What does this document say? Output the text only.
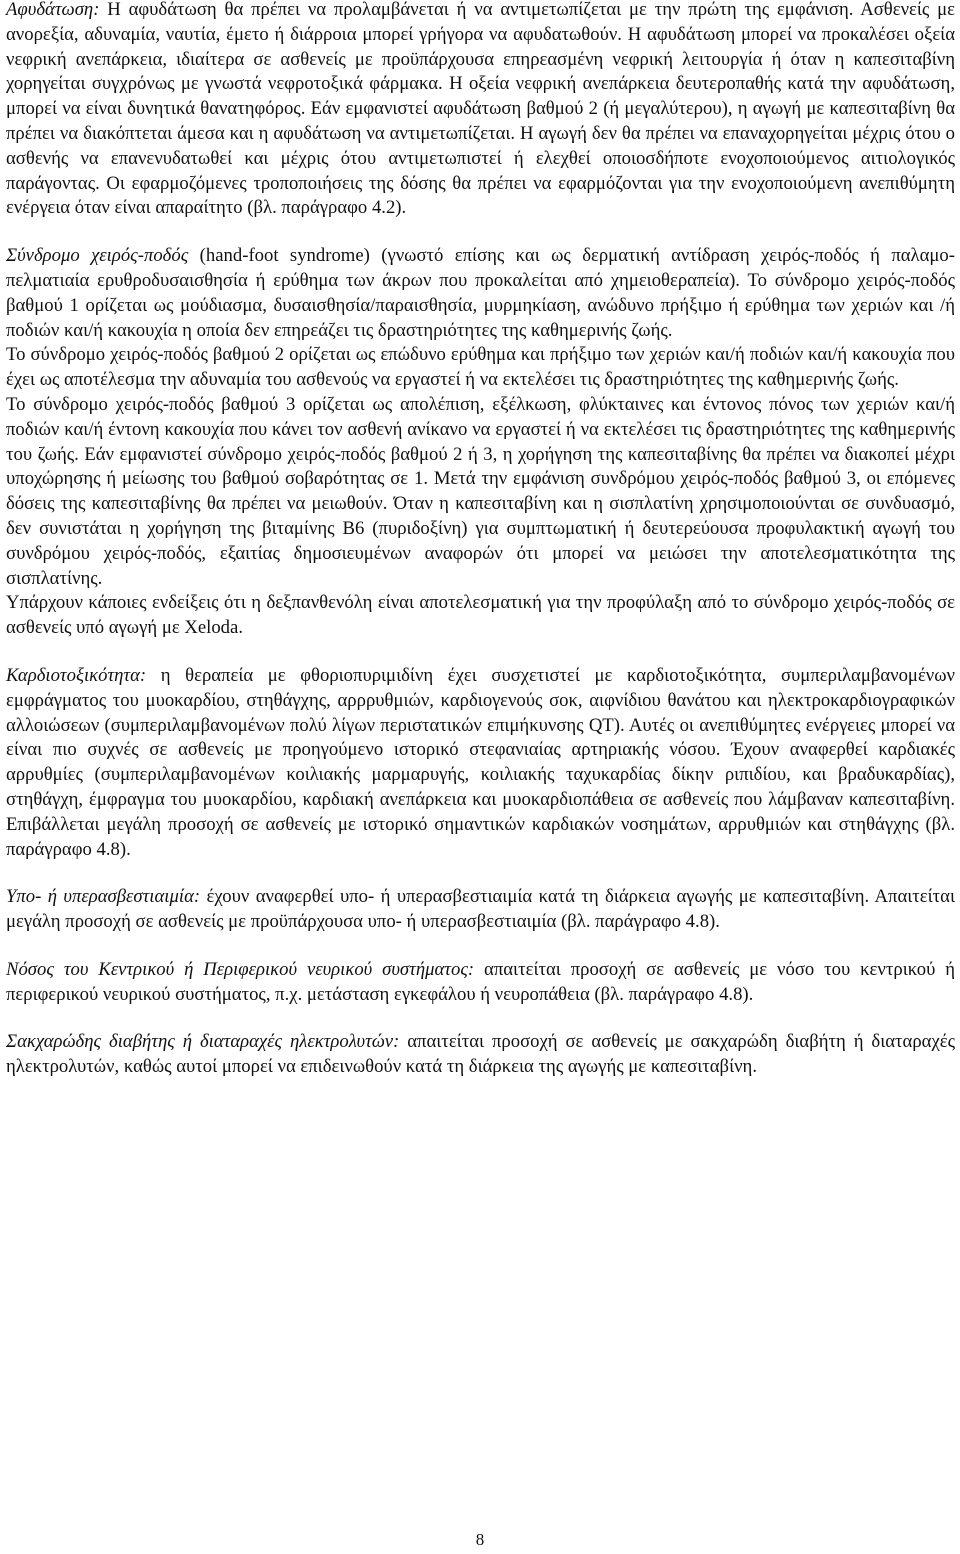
Αφυδάτωση: Η αφυδάτωση θα πρέπει να προλαμβάνεται ή να αντιμετωπίζεται με την πρώτη της εμφάνιση. Ασθενείς με ανορεξία, αδυναμία, ναυτία, έμετο ή διάρροια μπορεί γρήγορα να αφυδατωθούν. Η αφυδάτωση μπορεί να προκαλέσει οξεία νεφρική ανεπάρκεια, ιδιαίτερα σε ασθενείς με προϋπάρχουσα επηρεασμένη νεφρική λειτουργία ή όταν η καπεσιταβίνη χορηγείται συγχρόνως με γνωστά νεφροτοξικά φάρμακα. Η οξεία νεφρική ανεπάρκεια δευτεροπαθής κατά την αφυδάτωση, μπορεί να είναι δυνητικά θανατηφόρος. Εάν εμφανιστεί αφυδάτωση βαθμού 2 (ή μεγαλύτερου), η αγωγή με καπεσιταβίνη θα πρέπει να διακόπτεται άμεσα και η αφυδάτωση να αντιμετωπίζεται. Η αγωγή δεν θα πρέπει να επαναχορηγείται μέχρις ότου ο ασθενής να επανενυδατωθεί και μέχρις ότου αντιμετωπιστεί ή ελεχθεί οποιοσδήποτε ενοχοποιούμενος αιτιολογικός παράγοντας. Οι εφαρμοζόμενες τροποποιήσεις της δόσης θα πρέπει να εφαρμόζονται για την ενοχοποιούμενη ανεπιθύμητη ενέργεια όταν είναι απαραίτητο (βλ. παράγραφο 4.2).

Σύνδρομο χειρός-ποδός (hand-foot syndrome) (γνωστό επίσης και ως δερματική αντίδραση χειρός-ποδός ή παλαμο-πελματιαία ερυθροδυσαισθησία ή ερύθημα των άκρων που προκαλείται από χημειοθεραπεία). Το σύνδρομο χειρός-ποδός βαθμού 1 ορίζεται ως μούδιασμα, δυσαισθησία/παραισθησία, μυρμηκίαση, ανώδυνο πρήξιμο ή ερύθημα των χεριών και /ή ποδιών και/ή κακουχία η οποία δεν επηρεάζει τις δραστηριότητες της καθημερινής ζωής.

Το σύνδρομο χειρός-ποδός βαθμού 2 ορίζεται ως επώδυνο ερύθημα και πρήξιμο των χεριών και/ή ποδιών και/ή κακουχία που έχει ως αποτέλεσμα την αδυναμία του ασθενούς να εργαστεί ή να εκτελέσει τις δραστηριότητες της καθημερινής ζωής.

Το σύνδρομο χειρός-ποδός βαθμού 3 ορίζεται ως απολέπιση, εξέλκωση, φλύκταινες και έντονος πόνος των χεριών και/ή ποδιών και/ή έντονη κακουχία που κάνει τον ασθενή ανίκανο να εργαστεί ή να εκτελέσει τις δραστηριότητες της καθημερινής του ζωής. Εάν εμφανιστεί σύνδρομο χειρός-ποδός βαθμού 2 ή 3, η χορήγηση της καπεσιταβίνης θα πρέπει να διακοπεί μέχρι υποχώρησης ή μείωσης του βαθμού σοβαρότητας σε 1. Μετά την εμφάνιση συνδρόμου χειρός-ποδός βαθμού 3, οι επόμενες δόσεις της καπεσιταβίνης θα πρέπει να μειωθούν. Όταν η καπεσιταβίνη και η σισπλατίνη χρησιμοποιούνται σε συνδυασμό, δεν συνιστάται η χορήγηση της βιταμίνης Β6 (πυριδοξίνη) για συμπτωματική ή δευτερεύουσα προφυλακτική αγωγή του συνδρόμου χειρός-ποδός, εξαιτίας δημοσιευμένων αναφορών ότι μπορεί να μειώσει την αποτελεσματικότητα της σισπλατίνης.

Υπάρχουν κάποιες ενδείξεις ότι η δεξπανθενόλη είναι αποτελεσματική για την προφύλαξη από το σύνδρομο χειρός-ποδός σε ασθενείς υπό αγωγή με Xeloda.

Καρδιοτοξικότητα: η θεραπεία με φθοριοπυριμιδίνη έχει συσχετιστεί με καρδιοτοξικότητα, συμπεριλαμβανομένων εμφράγματος του μυοκαρδίου, στηθάγχης, αρρρυθμιών, καρδιογενούς σοκ, αιφνίδιου θανάτου και ηλεκτροκαρδιογραφικών αλλοιώσεων (συμπεριλαμβανομένων πολύ λίγων περιστατικών επιμήκυνσης QT). Αυτές οι ανεπιθύμητες ενέργειες μπορεί να είναι πιο συχνές σε ασθενείς με προηγούμενο ιστορικό στεφανιαίας αρτηριακής νόσου. Έχουν αναφερθεί καρδιακές αρρυθμίες (συμπεριλαμβανομένων κοιλιακής μαρμαρυγής, κοιλιακής ταχυκαρδίας δίκην ριπιδίου, και βραδυκαρδίας), στηθάγχη, έμφραγμα του μυοκαρδίου, καρδιακή ανεπάρκεια και μυοκαρδιοπάθεια σε ασθενείς που λάμβαναν καπεσιταβίνη. Επιβάλλεται μεγάλη προσοχή σε ασθενείς με ιστορικό σημαντικών καρδιακών νοσημάτων, αρρυθμιών και στηθάγχης (βλ. παράγραφο 4.8).

Υπο- ή υπερασβεστιαιμία: έχουν αναφερθεί υπο- ή υπερασβεστιαιμία κατά τη διάρκεια αγωγής με καπεσιταβίνη. Απαιτείται μεγάλη προσοχή σε ασθενείς με προϋπάρχουσα υπο- ή υπερασβεστιαιμία (βλ. παράγραφο 4.8).

Νόσος του Κεντρικού ή Περιφερικού νευρικού συστήματος: απαιτείται προσοχή σε ασθενείς με νόσο του κεντρικού ή περιφερικού νευρικού συστήματος, π.χ. μετάσταση εγκεφάλου ή νευροπάθεια (βλ. παράγραφο 4.8).

Σακχαρώδης διαβήτης ή διαταραχές ηλεκτρολυτών: απαιτείται προσοχή σε ασθενείς με σακχαρώδη διαβήτη ή διαταραχές ηλεκτρολυτών, καθώς αυτοί μπορεί να επιδεινωθούν κατά τη διάρκεια της αγωγής με καπεσιταβίνη.

8
